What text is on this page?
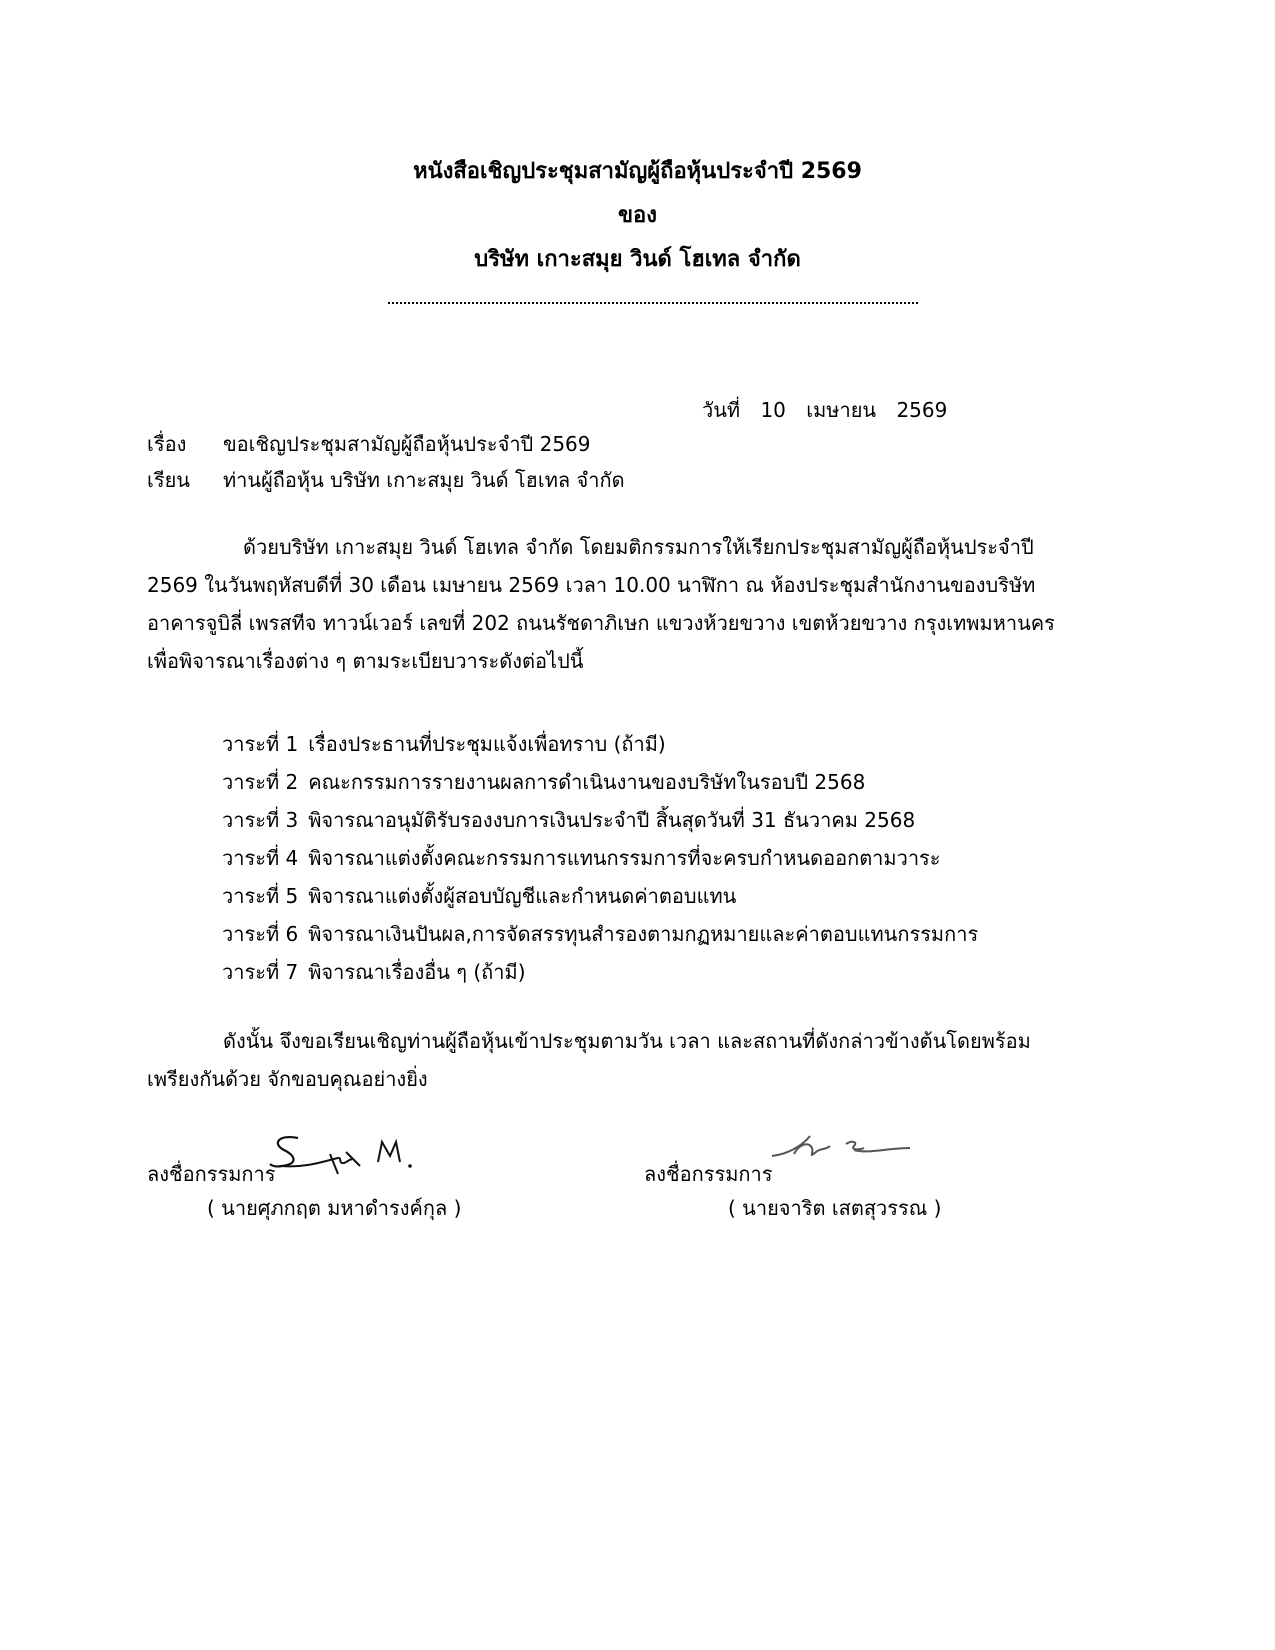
หนังสือเชิญประชุมสามัญผู้ถือหุ้นประจำปี 2569
ของ
บริษัท เกาะสมุย วินด์ โฮเทล จำกัด
วันที่ 10 เมษายน 2569
เรื่อง ขอเชิญประชุมสามัญผู้ถือหุ้นประจำปี 2569
เรียน ท่านผู้ถือหุ้น บริษัท เกาะสมุย วินด์ โฮเทล จำกัด
ด้วยบริษัท เกาะสมุย วินด์ โฮเทล จำกัด โดยมติกรรมการให้เรียกประชุมสามัญผู้ถือหุ้นประจำปี
2569 ในวันพฤหัสบดีที่ 30 เดือน เมษายน 2569 เวลา 10.00 นาฬิกา ณ ห้องประชุมสำนักงานของบริษัท
อาคารจูบิลี่ เพรสทีจ ทาวน์เวอร์ เลขที่ 202 ถนนรัชดาภิเษก แขวงห้วยขวาง เขตห้วยขวาง กรุงเทพมหานคร
เพื่อพิจารณาเรื่องต่าง ๆ ตามระเบียบวาระดังต่อไปนี้
วาระที่ 1 เรื่องประธานที่ประชุมแจ้งเพื่อทราบ (ถ้ามี)
วาระที่ 2 คณะกรรมการรายงานผลการดำเนินงานของบริษัทในรอบปี 2568
วาระที่ 3 พิจารณาอนุมัติรับรองงบการเงินประจำปี สิ้นสุดวันที่ 31 ธันวาคม 2568
วาระที่ 4 พิจารณาแต่งตั้งคณะกรรมการแทนกรรมการที่จะครบกำหนดออกตามวาระ
วาระที่ 5 พิจารณาแต่งตั้งผู้สอบบัญชีและกำหนดค่าตอบแทน
วาระที่ 6 พิจารณาเงินปันผล,การจัดสรรทุนสำรองตามกฏหมายและค่าตอบแทนกรรมการ
วาระที่ 7 พิจารณาเรื่องอื่น ๆ (ถ้ามี)
ดังนั้น จึงขอเรียนเชิญท่านผู้ถือหุ้นเข้าประชุมตามวัน เวลา และสถานที่ดังกล่าวข้างต้นโดยพร้อม
เพรียงกันด้วย จักขอบคุณอย่างยิ่ง
ลงชื่อกรรมการ
( นายศุภกฤต มหาดำรงค์กุล )
ลงชื่อกรรมการ
( นายจาริต เสตสุวรรณ )
